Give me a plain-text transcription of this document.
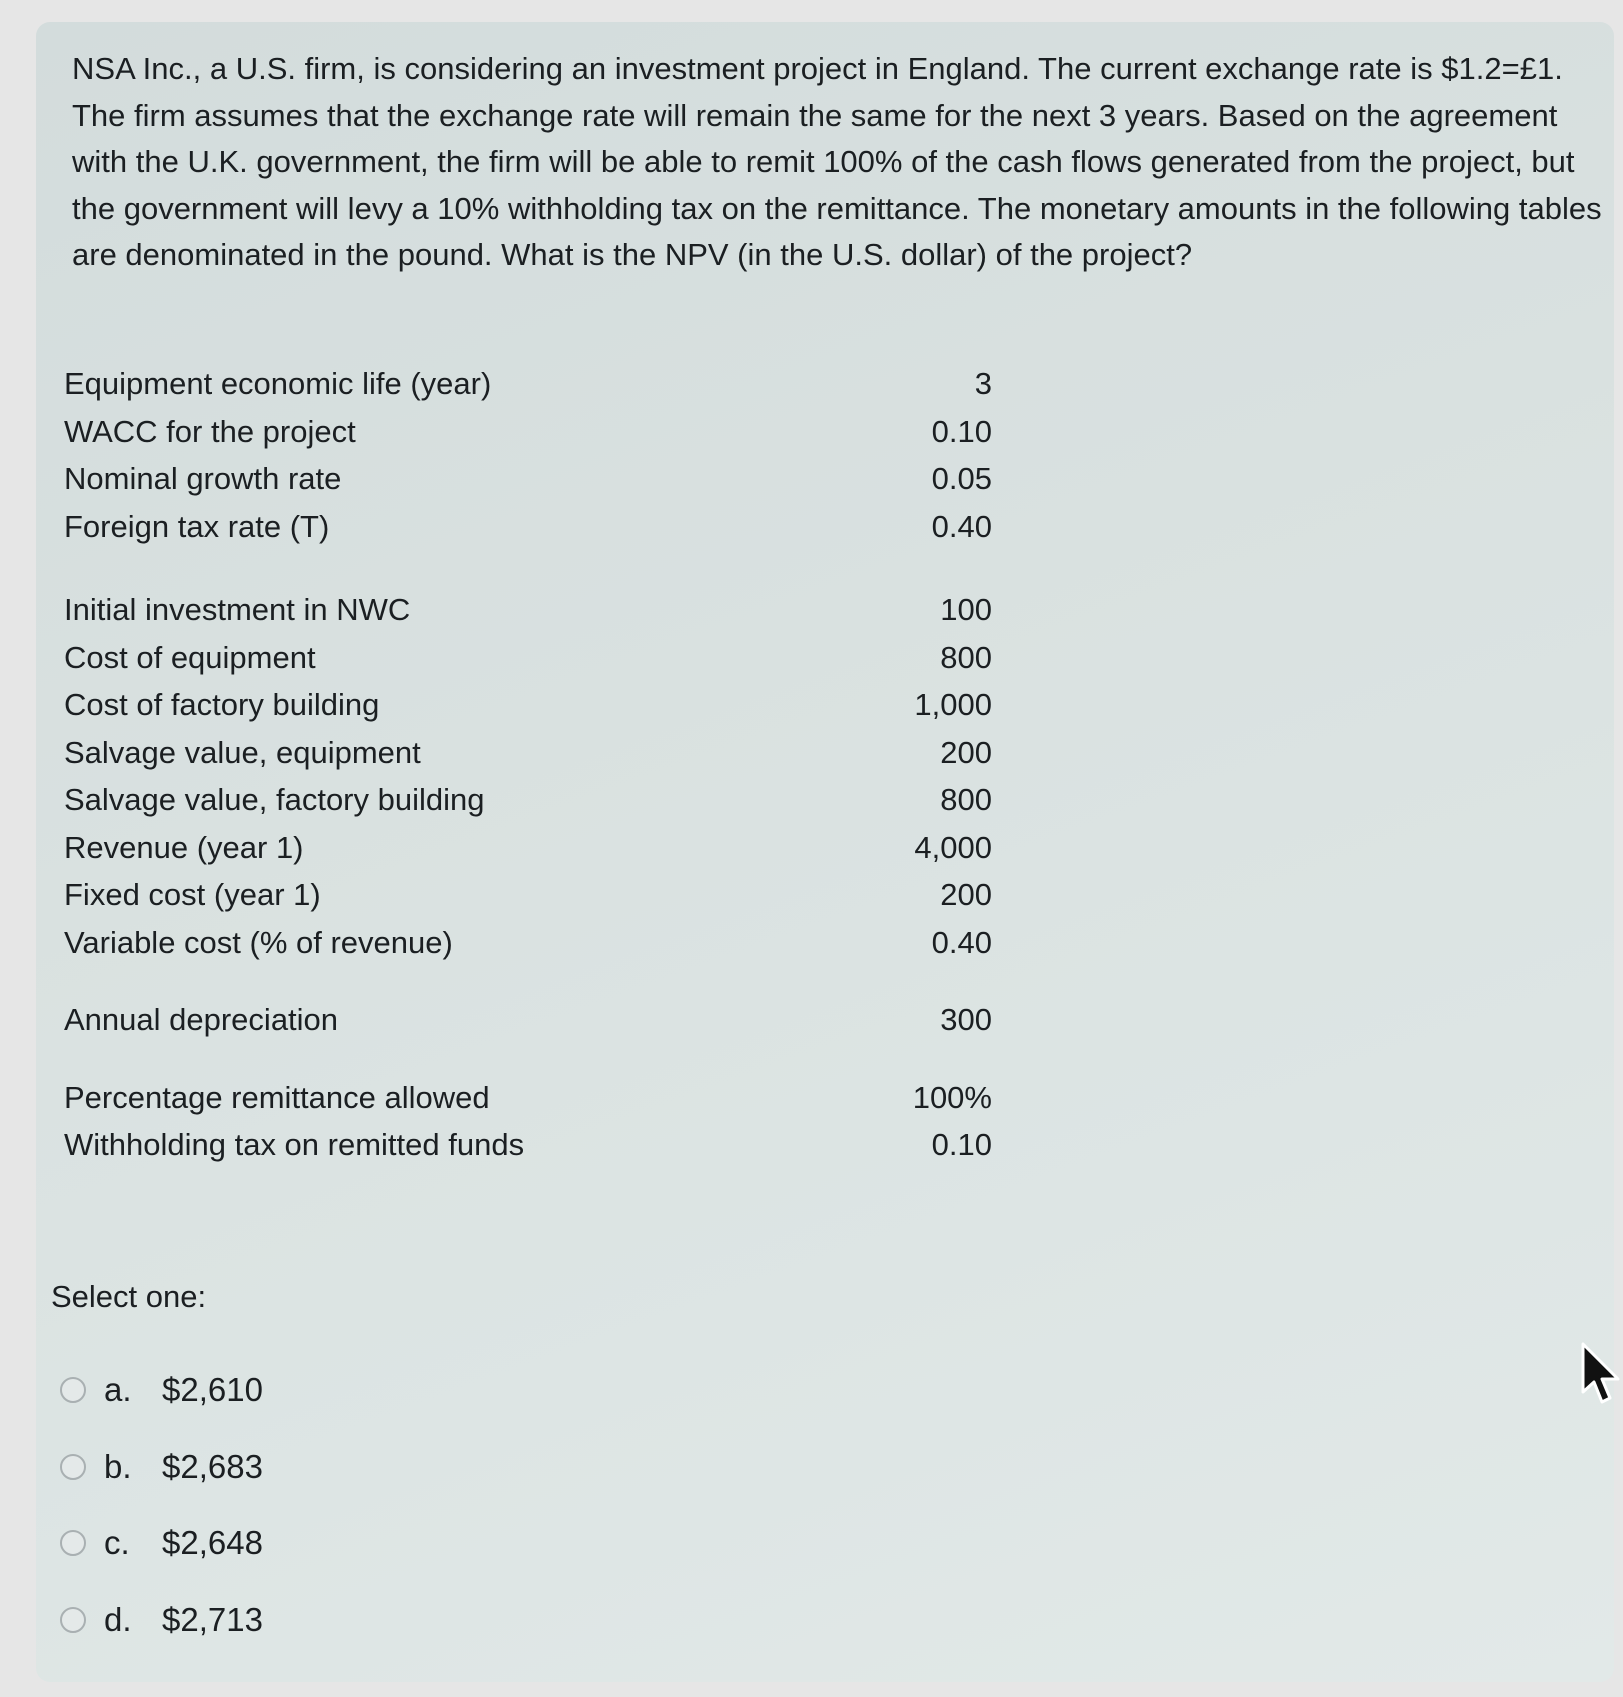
NSA Inc., a U.S. firm, is considering an investment project in England. The current exchange rate is $1.2=£1. The firm assumes that the exchange rate will remain the same for the next 3 years. Based on the agreement with the U.K. government, the firm will be able to remit 100% of the cash flows generated from the project, but the government will levy a 10% withholding tax on the remittance. The monetary amounts in the following tables are denominated in the pound. What is the NPV (in the U.S. dollar) of the project?

Equipment economic life (year)	3
WACC for the project	0.10
Nominal growth rate	0.05
Foreign tax rate (T)	0.40
Initial investment in NWC	100
Cost of equipment	800
Cost of factory building	1,000
Salvage value, equipment	200
Salvage value, factory building	800
Revenue (year 1)	4,000
Fixed cost (year 1)	200
Variable cost (% of revenue)	0.40
Annual depreciation	300
Percentage remittance allowed	100%
Withholding tax on remitted funds	0.10
Select one:
a. $2,610
b. $2,683
c. $2,648
d. $2,713
